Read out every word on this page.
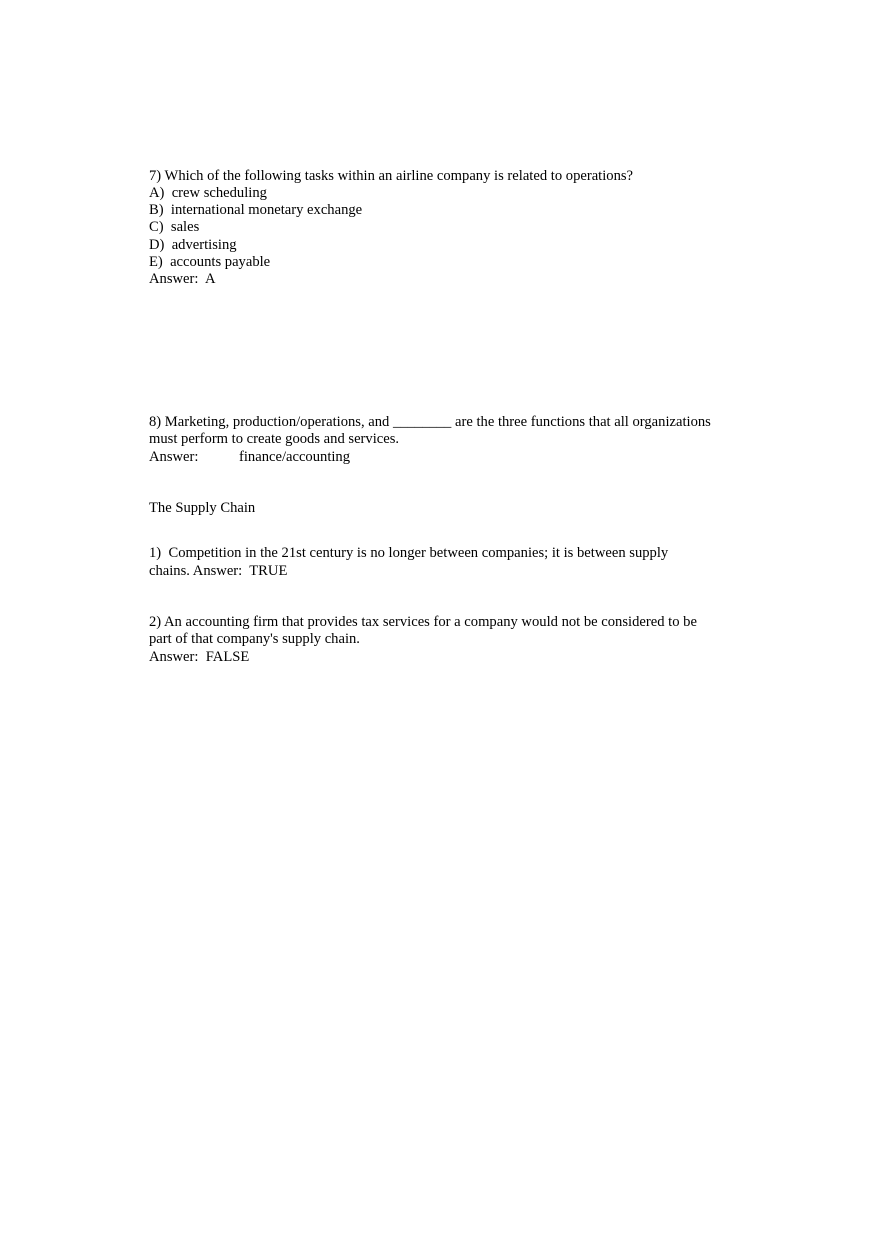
7) Which of the following tasks within an airline company is related to operations?
A)  crew scheduling
B)  international monetary exchange
C)  sales
D)  advertising
E)  accounts payable
Answer:  A
8) Marketing, production/operations, and ________ are the three functions that all organizations
must perform to create goods and services.
Answer:	finance/accounting
The Supply Chain
1)  Competition in the 21st century is no longer between companies; it is between supply
chains. Answer:  TRUE
2) An accounting firm that provides tax services for a company would not be considered to be
part of that company's supply chain.
Answer:  FALSE
